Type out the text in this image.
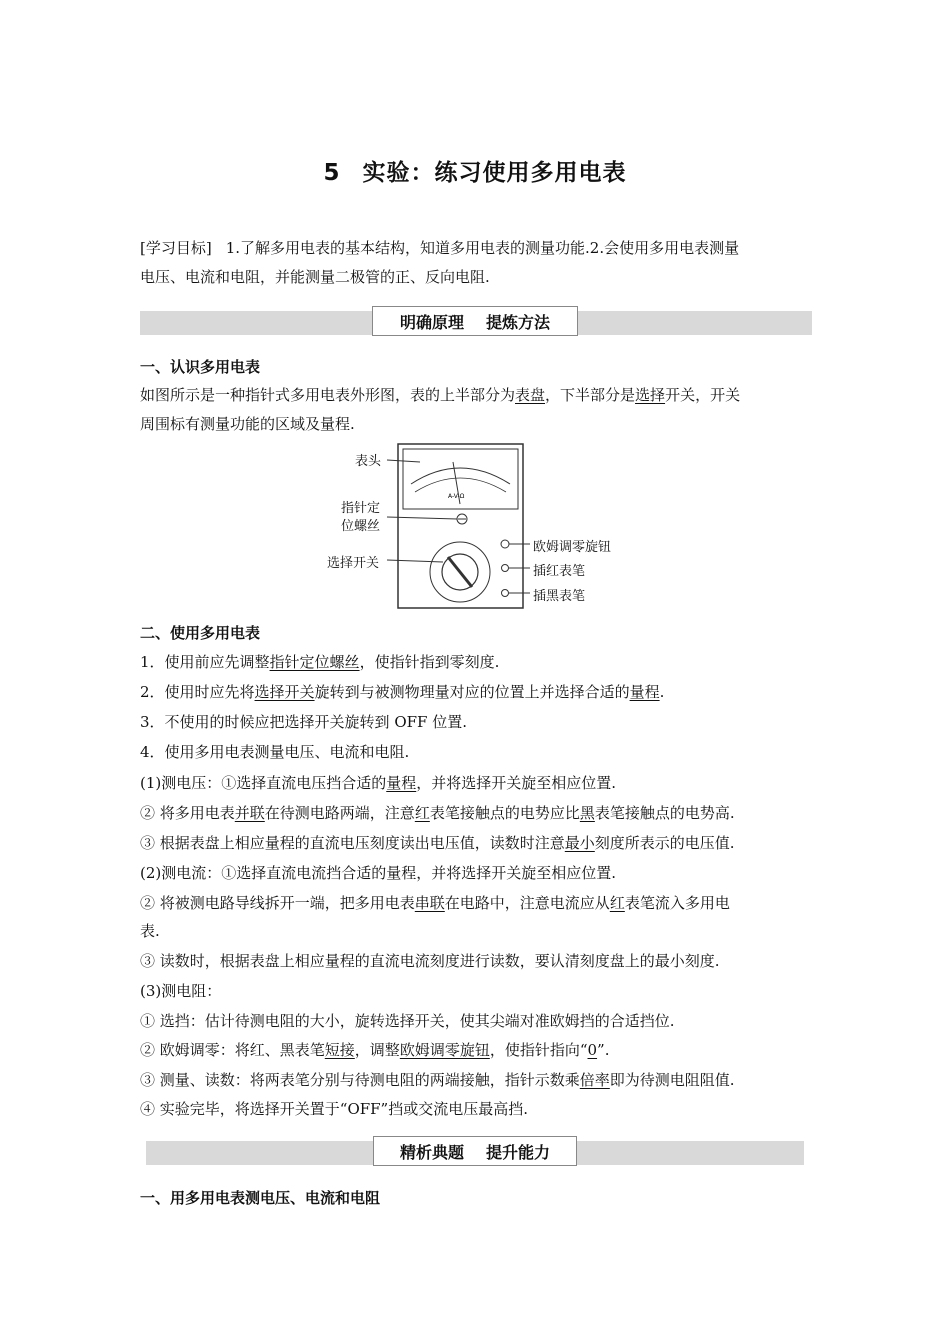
5 实验：练习使用多用电表

[学习目标] 1.了解多用电表的基本结构，知道多用电表的测量功能.2.会使用多用电表测量

电压、电流和电阻，并能测量二极管的正、反向电阻.

明确原理 提炼方法
一、认识多用电表

如图所示是一种指针式多用电表外形图，表的上半部分为表盘，下半部分是选择开关，开关

周围标有测量功能的区域及量程.

A-V-Ω
表头
指针定
位螺丝
选择开关
欧姆调零旋钮
插红表笔
插黑表笔
二、使用多用电表
1．使用前应先调整指针定位螺丝，使指针指到零刻度.
2．使用时应先将选择开关旋转到与被测物理量对应的位置上并选择合适的量程.
3．不使用的时候应把选择开关旋转到 OFF 位置.
4．使用多用电表测量电压、电流和电阻.
(1)测电压：①选择直流电压挡合适的量程，并将选择开关旋至相应位置.
② 将多用电表并联在待测电路两端，注意红表笔接触点的电势应比黑表笔接触点的电势高.
③ 根据表盘上相应量程的直流电压刻度读出电压值，读数时注意最小刻度所表示的电压值.
(2)测电流：①选择直流电流挡合适的量程，并将选择开关旋至相应位置.
② 将被测电路导线拆开一端，把多用电表串联在电路中，注意电流应从红表笔流入多用电
表.
③ 读数时，根据表盘上相应量程的直流电流刻度进行读数，要认清刻度盘上的最小刻度.
(3)测电阻：
① 选挡：估计待测电阻的大小，旋转选择开关，使其尖端对准欧姆挡的合适挡位.
② 欧姆调零：将红、黑表笔短接，调整欧姆调零旋钮，使指针指向“0”.
③ 测量、读数：将两表笔分别与待测电阻的两端接触，指针示数乘倍率即为待测电阻阻值.
④ 实验完毕，将选择开关置于“OFF”挡或交流电压最高挡.
精析典题 提升能力
一、用多用电表测电压、电流和电阻
